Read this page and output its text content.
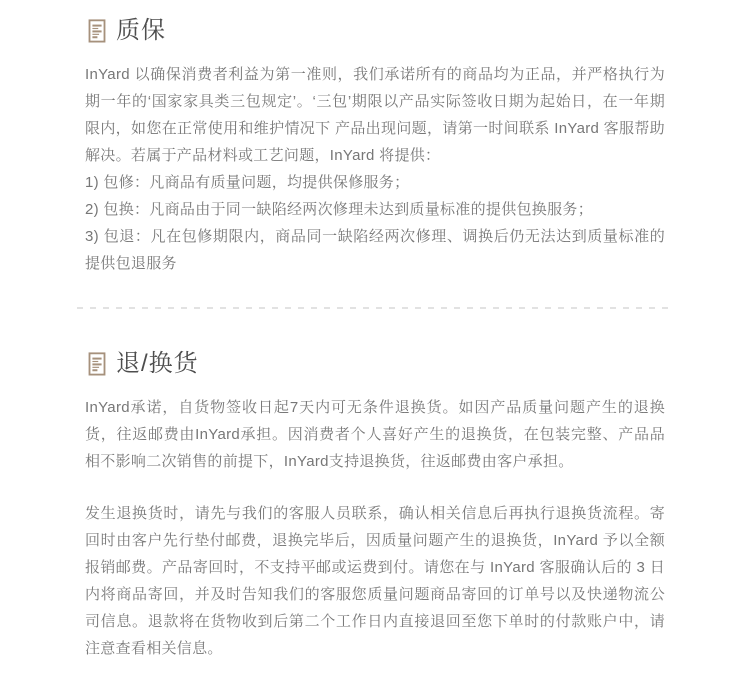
质保

InYard 以确保消费者利益为第一准则，我们承诺所有的商品均为正品，并严格执行为期一年的‘国家家具类三包规定’。‘三包’期限以产品实际签收日期为起始日，在一年期限内，如您在正常使用和维护情况下 产品出现问题，请第一时间联系 InYard 客服帮助解决。若属于产品材料或工艺问题，InYard 将提供：

1) 包修：凡商品有质量问题，均提供保修服务；
2) 包换：凡商品由于同一缺陷经两次修理未达到质量标准的提供包换服务；
3) 包退：凡在包修期限内，商品同一缺陷经两次修理、调换后仍无法达到质量标准的提供包退服务
退/换货

InYard承诺，自货物签收日起7天内可无条件退换货。如因产品质量问题产生的退换货，往返邮费由InYard承担。因消费者个人喜好产生的退换货，在包装完整、产品品相不影响二次销售的前提下，InYard支持退换货，往返邮费由客户承担。

发生退换货时，请先与我们的客服人员联系，确认相关信息后再执行退换货流程。寄回时由客户先行垫付邮费，退换完毕后，因质量问题产生的退换货，InYard 予以全额报销邮费。产品寄回时，不支持平邮或运费到付。请您在与 InYard 客服确认后的 3 日内将商品寄回，并及时告知我们的客服您质量问题商品寄回的订单号以及快递物流公司信息。退款将在货物收到后第二个工作日内直接退回至您下单时的付款账户中，请注意查看相关信息。
